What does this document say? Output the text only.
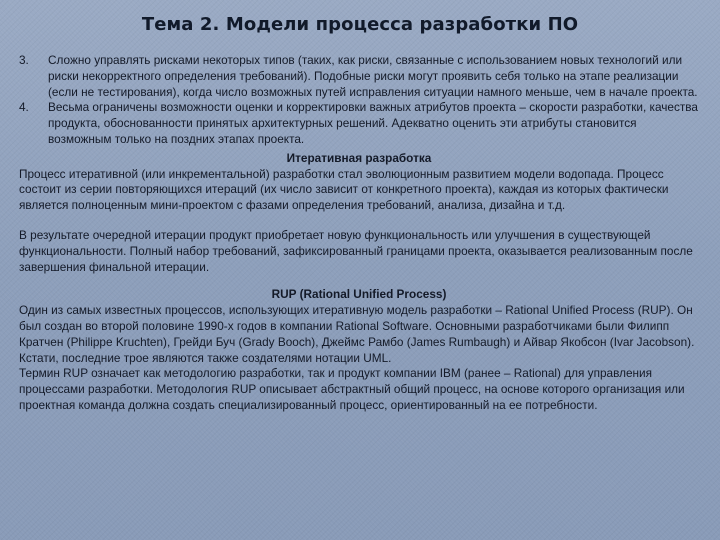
Тема 2. Модели процесса разработки ПО
3. Сложно управлять рисками некоторых типов (таких, как риски, связанные с использованием новых технологий или риски некорректного определения требований). Подобные риски могут проявить себя только на этапе реализации (если не тестирования), когда число возможных путей исправления ситуации намного меньше, чем в начале проекта.
4. Весьма ограничены возможности оценки и корректировки важных атрибутов проекта – скорости разработки, качества продукта, обоснованности принятых архитектурных решений. Адекватно оценить эти атрибуты становится возможным только на поздних этапах проекта.
Итеративная разработка

Процесс итеративной (или инкрементальной) разработки стал эволюционным развитием модели водопада. Процесс состоит из серии повторяющихся итераций (их число зависит от конкретного проекта), каждая из которых фактически является полноценным мини-проектом с фазами определения требований, анализа, дизайна и т.д.

В результате очередной итерации продукт приобретает новую функциональность или улучшения в существующей функциональности. Полный набор требований, зафиксированный границами проекта, оказывается реализованным после завершения финальной итерации.

RUP (Rational Unified Process)

Один из самых известных процессов, использующих итеративную модель разработки – Rational Unified Process (RUP). Он был создан во второй половине 1990-х годов в компании Rational Software. Основными разработчиками были Филипп Кратчен (Philippe Kruchten), Грейди Буч (Grady Booch), Джеймс Рамбо (James Rumbaugh) и Айвар Якобсон (Ivar Jacobson). Кстати, последние трое являются также создателями нотации UML.

Термин RUP означает как методологию разработки, так и продукт компании IBM (ранее – Rational) для управления процессами разработки. Методология RUP описывает абстрактный общий процесс, на основе которого организация или проектная команда должна создать специализированный процесс, ориентированный на ее потребности.
